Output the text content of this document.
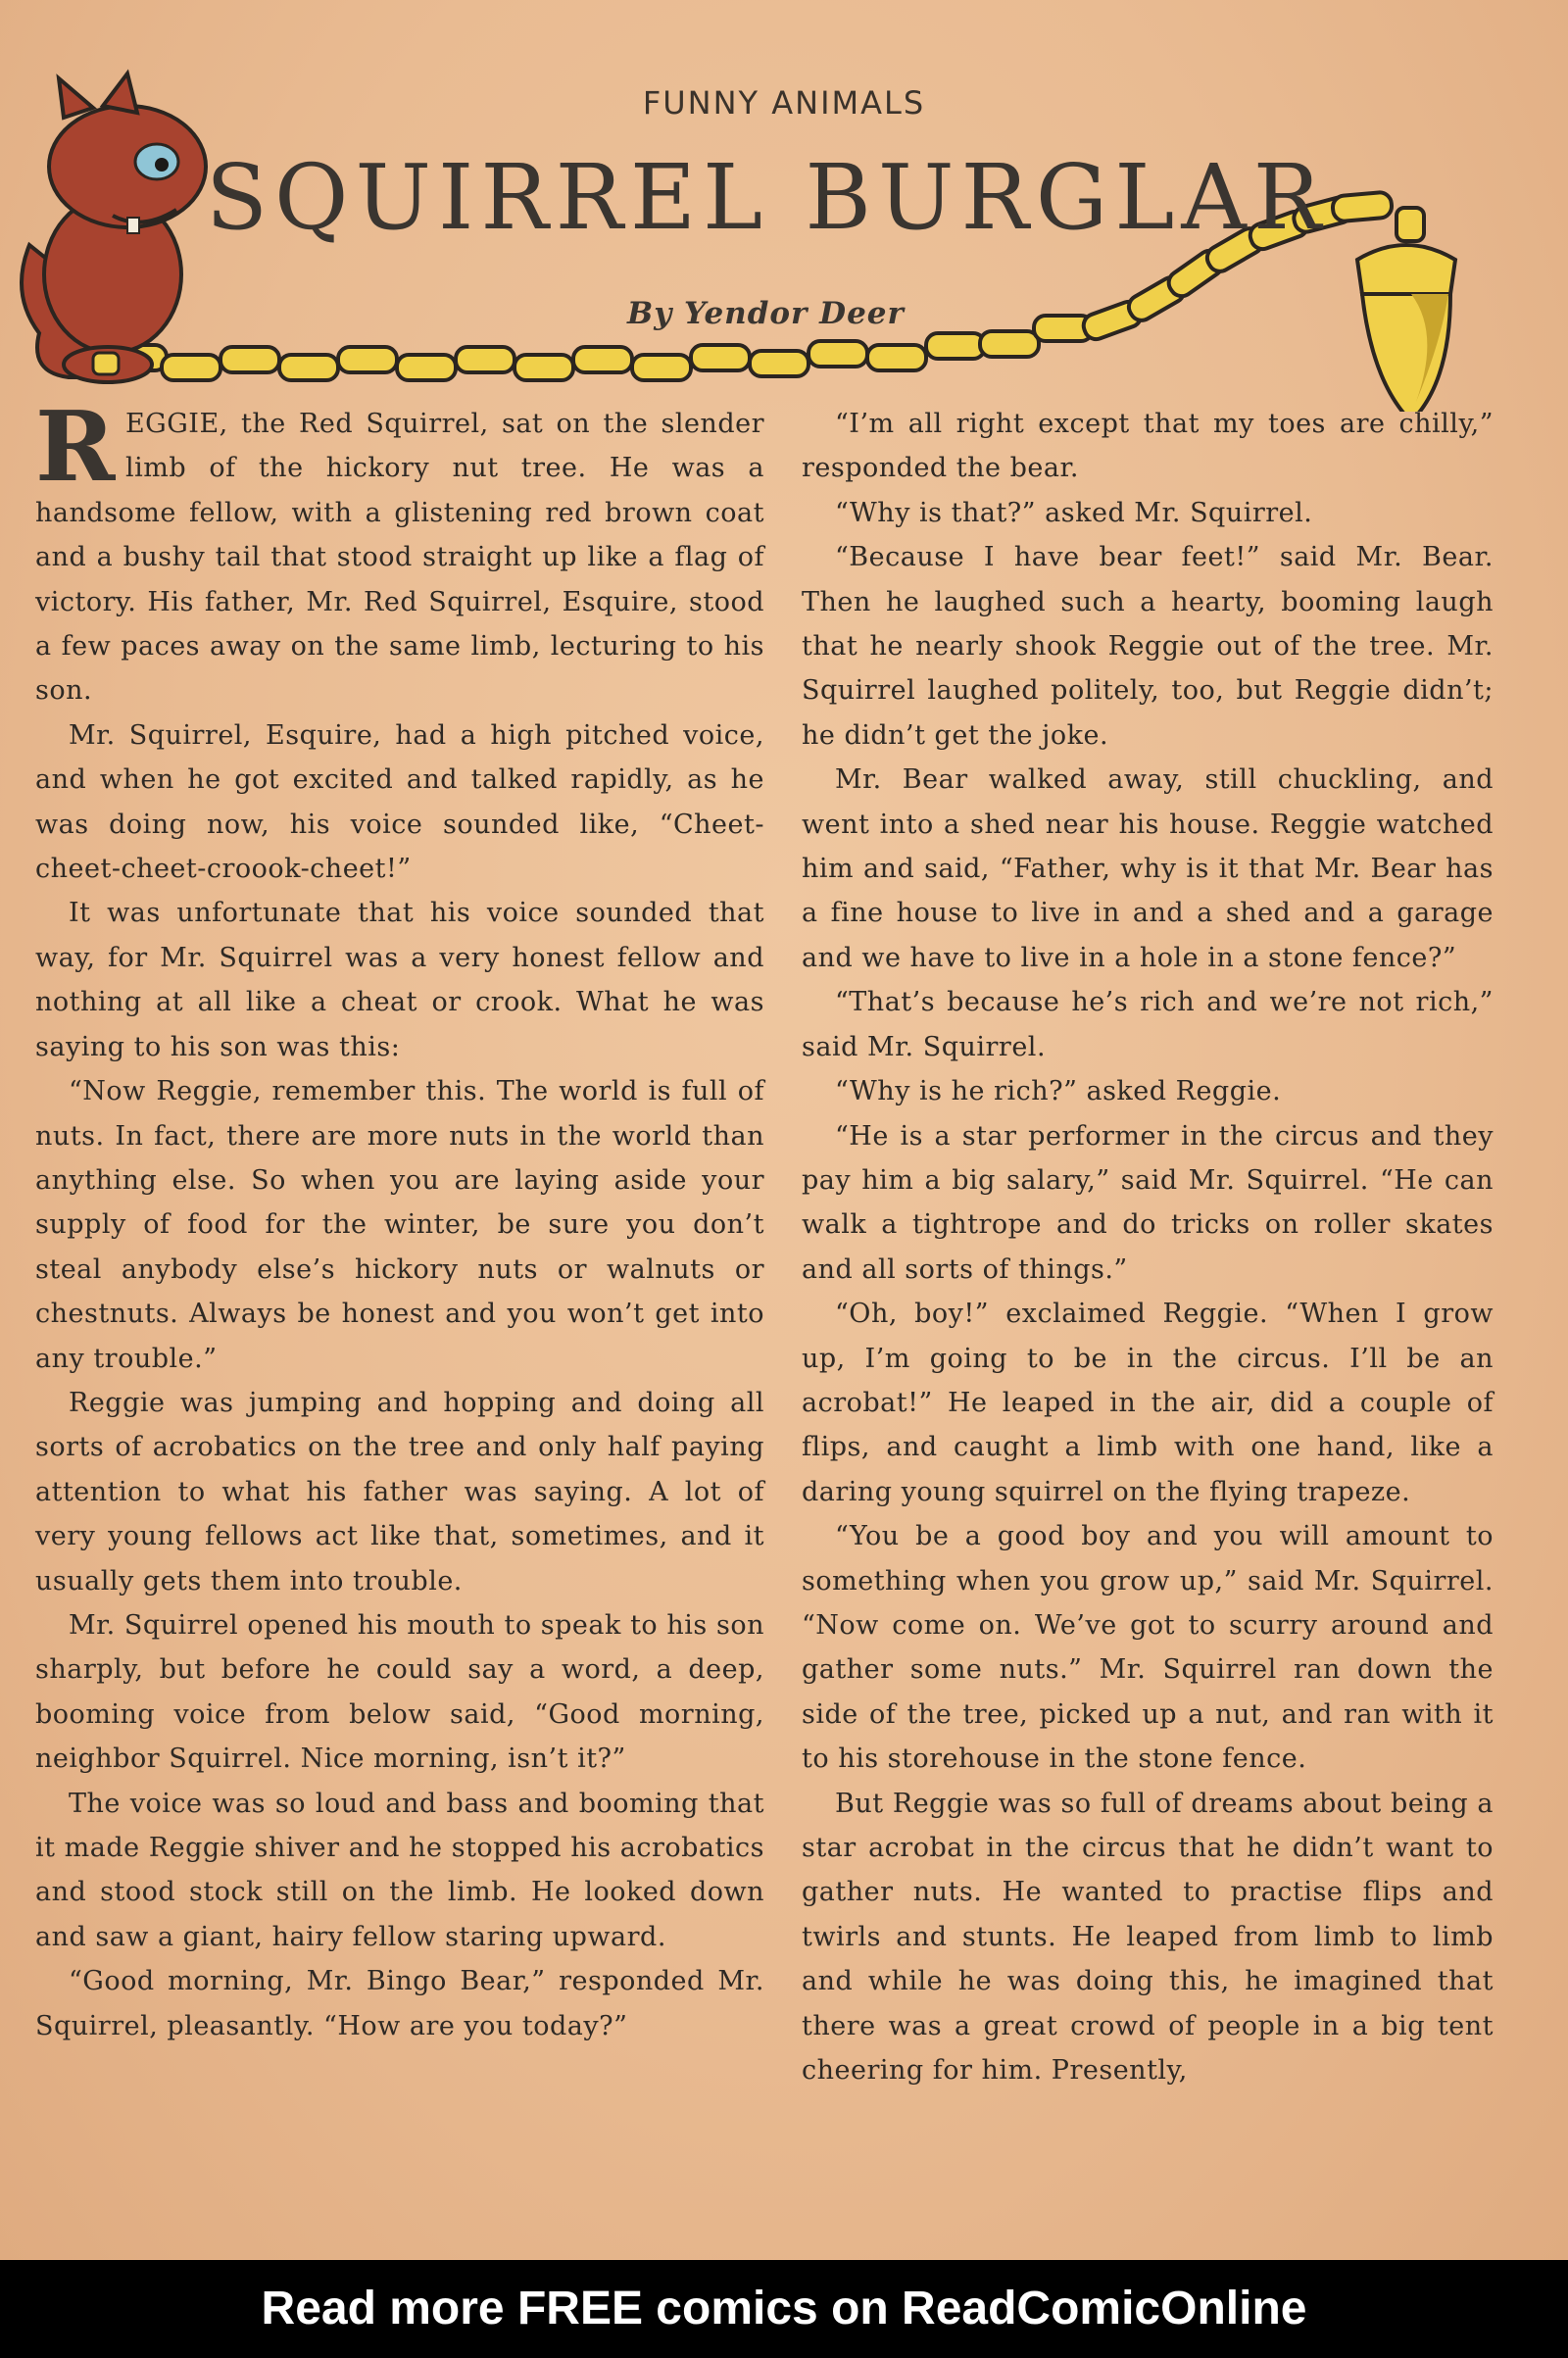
FUNNY ANIMALS
SQUIRREL BURGLAR
By Yendor Deer

REGGIE, the Red Squirrel, sat on the slender limb of the hickory nut tree. He was a handsome fellow, with a glistening red brown coat and a bushy tail that stood straight up like a flag of victory. His father, Mr. Red Squirrel, Esquire, stood a few paces away on the same limb, lecturing to his son.

Mr. Squirrel, Esquire, had a high pitched voice, and when he got excited and talked rapidly, as he was doing now, his voice sounded like, “Cheet-cheet-cheet-croook-cheet!”

It was unfortunate that his voice sounded that way, for Mr. Squirrel was a very honest fellow and nothing at all like a cheat or crook. What he was saying to his son was this:

“Now Reggie, remember this. The world is full of nuts. In fact, there are more nuts in the world than anything else. So when you are laying aside your supply of food for the winter, be sure you don’t steal anybody else’s hickory nuts or walnuts or chestnuts. Always be honest and you won’t get into any trouble.”

Reggie was jumping and hopping and doing all sorts of acrobatics on the tree and only half paying attention to what his father was saying. A lot of very young fellows act like that, sometimes, and it usually gets them into trouble.

Mr. Squirrel opened his mouth to speak to his son sharply, but before he could say a word, a deep, booming voice from below said, “Good morning, neighbor Squirrel. Nice morning, isn’t it?”

The voice was so loud and bass and booming that it made Reggie shiver and he stopped his acrobatics and stood stock still on the limb. He looked down and saw a giant, hairy fellow staring upward.

“Good morning, Mr. Bingo Bear,” responded Mr. Squirrel, pleasantly. “How are you today?”

“I’m all right except that my toes are chilly,” responded the bear.

“Why is that?” asked Mr. Squirrel.

“Because I have bear feet!” said Mr. Bear. Then he laughed such a hearty, booming laugh that he nearly shook Reggie out of the tree. Mr. Squirrel laughed politely, too, but Reggie didn’t; he didn’t get the joke.

Mr. Bear walked away, still chuckling, and went into a shed near his house. Reggie watched him and said, “Father, why is it that Mr. Bear has a fine house to live in and a shed and a garage and we have to live in a hole in a stone fence?”

“That’s because he’s rich and we’re not rich,” said Mr. Squirrel.

“Why is he rich?” asked Reggie.

“He is a star performer in the circus and they pay him a big salary,” said Mr. Squirrel. “He can walk a tightrope and do tricks on roller skates and all sorts of things.”

“Oh, boy!” exclaimed Reggie. “When I grow up, I’m going to be in the circus. I’ll be an acrobat!” He leaped in the air, did a couple of flips, and caught a limb with one hand, like a daring young squirrel on the flying trapeze.

“You be a good boy and you will amount to something when you grow up,” said Mr. Squirrel. “Now come on. We’ve got to scurry around and gather some nuts.” Mr. Squirrel ran down the side of the tree, picked up a nut, and ran with it to his storehouse in the stone fence.

But Reggie was so full of dreams about being a star acrobat in the circus that he didn’t want to gather nuts. He wanted to practise flips and twirls and stunts. He leaped from limb to limb and while he was doing this, he imagined that there was a great crowd of people in a big tent cheering for him. Presently,

Read more FREE comics on ReadComicOnline
